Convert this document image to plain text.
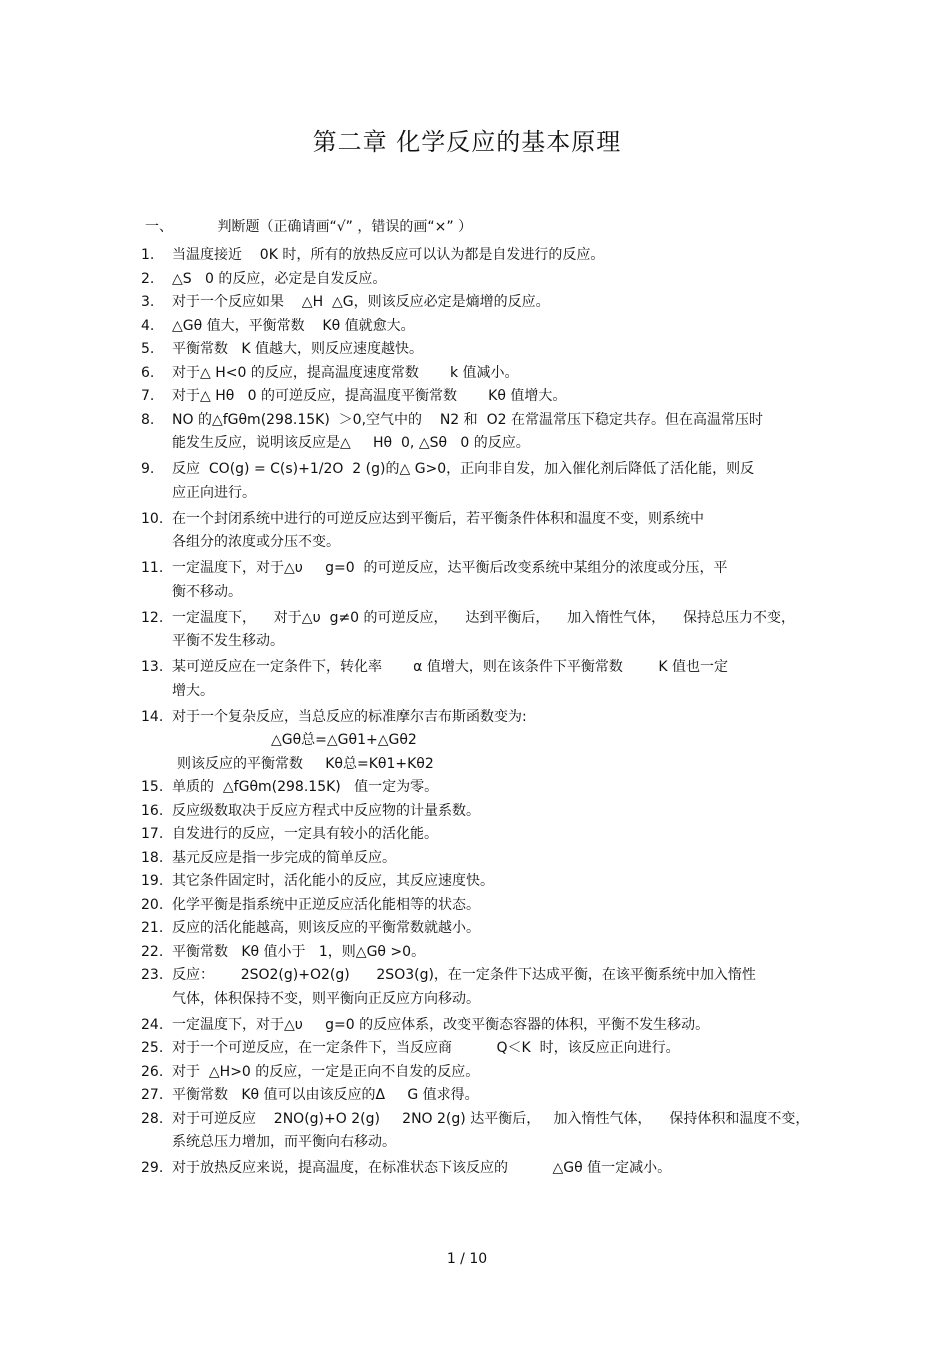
第二章 化学反应的基本原理
一、          判断题（正确请画“√” ，错误的画“×” ）
1.	当温度接近    0K 时，所有的放热反应可以认为都是自发进行的反应。
2.	△S   0 的反应，必定是自发反应。
3.	对于一个反应如果    △H  △G，则该反应必定是熵增的反应。
4.	△Gθ 值大，平衡常数    Kθ 值就愈大。
5.	平衡常数   K 值越大，则反应速度越快。
6.	对于△ H<0 的反应，提高温度速度常数       k 值减小。
7.	对于△ Hθ   0 的可逆反应，提高温度平衡常数       Kθ 值增大。
8.	NO 的△fGθm(298.15K)  ＞0,空气中的    N2 和  O2 在常温常压下稳定共存。但在高温常压时
能发生反应，说明该反应是△     Hθ  0, △Sθ   0 的反应。
9.	反应  CO(g) = C(s)+1/2O  2 (g)的△ G>0，正向非自发，加入催化剂后降低了活化能，则反
应正向进行。
10. 在一个封闭系统中进行的可逆反应达到平衡后，若平衡条件体积和温度不变，则系统中
各组分的浓度或分压不变。
11. 一定温度下，对于△υ     g=0  的可逆反应，达平衡后改变系统中某组分的浓度或分压，平
衡不移动。
12. 一定温度下，    对于△υ  g≠0 的可逆反应，    达到平衡后，    加入惰性气体，    保持总压力不变，
平衡不发生移动。
13. 某可逆反应在一定条件下，转化率       α 值增大，则在该条件下平衡常数        K 值也一定
增大。
14. 对于一个复杂反应，当总反应的标准摩尔吉布斯函数变为:
△Gθ总=△Gθ1+△Gθ2
则该反应的平衡常数     Kθ总=Kθ1+Kθ2
15. 单质的  △fGθm(298.15K)   值一定为零。
16. 反应级数取决于反应方程式中反应物的计量系数。
17. 自发进行的反应，一定具有较小的活化能。
18. 基元反应是指一步完成的简单反应。
19. 其它条件固定时，活化能小的反应，其反应速度快。
20. 化学平衡是指系统中正逆反应活化能相等的状态。
21. 反应的活化能越高，则该反应的平衡常数就越小。
22. 平衡常数   Kθ 值小于   1，则△Gθ >0。
23. 反应：      2SO2(g)+O2(g)      2SO3(g)，在一定条件下达成平衡，在该平衡系统中加入惰性
气体，体积保持不变，则平衡向正反应方向移动。
24. 一定温度下，对于△υ     g=0 的反应体系，改变平衡态容器的体积，平衡不发生移动。
25. 对于一个可逆反应，在一定条件下，当反应商          Q＜K  时，该反应正向进行。
26. 对于  △H>0 的反应，一定是正向不自发的反应。
27. 平衡常数   Kθ 值可以由该反应的Δ     G 值求得。
28. 对于可逆反应    2NO(g)+O 2(g)     2NO 2(g) 达平衡后，   加入惰性气体，    保持体积和温度不变，
系统总压力增加，而平衡向右移动。
29. 对于放热反应来说，提高温度，在标准状态下该反应的          △Gθ 值一定减小。
1 / 10
